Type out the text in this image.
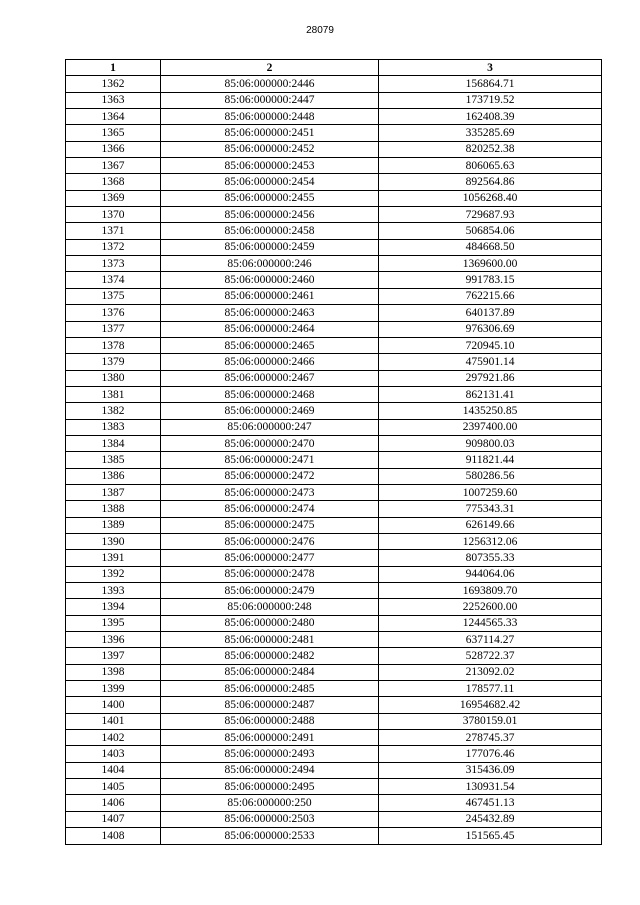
28079
1	2	3
1362	85:06:000000:2446	156864.71
1363	85:06:000000:2447	173719.52
1364	85:06:000000:2448	162408.39
1365	85:06:000000:2451	335285.69
1366	85:06:000000:2452	820252.38
1367	85:06:000000:2453	806065.63
1368	85:06:000000:2454	892564.86
1369	85:06:000000:2455	1056268.40
1370	85:06:000000:2456	729687.93
1371	85:06:000000:2458	506854.06
1372	85:06:000000:2459	484668.50
1373	85:06:000000:246	1369600.00
1374	85:06:000000:2460	991783.15
1375	85:06:000000:2461	762215.66
1376	85:06:000000:2463	640137.89
1377	85:06:000000:2464	976306.69
1378	85:06:000000:2465	720945.10
1379	85:06:000000:2466	475901.14
1380	85:06:000000:2467	297921.86
1381	85:06:000000:2468	862131.41
1382	85:06:000000:2469	1435250.85
1383	85:06:000000:247	2397400.00
1384	85:06:000000:2470	909800.03
1385	85:06:000000:2471	911821.44
1386	85:06:000000:2472	580286.56
1387	85:06:000000:2473	1007259.60
1388	85:06:000000:2474	775343.31
1389	85:06:000000:2475	626149.66
1390	85:06:000000:2476	1256312.06
1391	85:06:000000:2477	807355.33
1392	85:06:000000:2478	944064.06
1393	85:06:000000:2479	1693809.70
1394	85:06:000000:248	2252600.00
1395	85:06:000000:2480	1244565.33
1396	85:06:000000:2481	637114.27
1397	85:06:000000:2482	528722.37
1398	85:06:000000:2484	213092.02
1399	85:06:000000:2485	178577.11
1400	85:06:000000:2487	16954682.42
1401	85:06:000000:2488	3780159.01
1402	85:06:000000:2491	278745.37
1403	85:06:000000:2493	177076.46
1404	85:06:000000:2494	315436.09
1405	85:06:000000:2495	130931.54
1406	85:06:000000:250	467451.13
1407	85:06:000000:2503	245432.89
1408	85:06:000000:2533	151565.45
